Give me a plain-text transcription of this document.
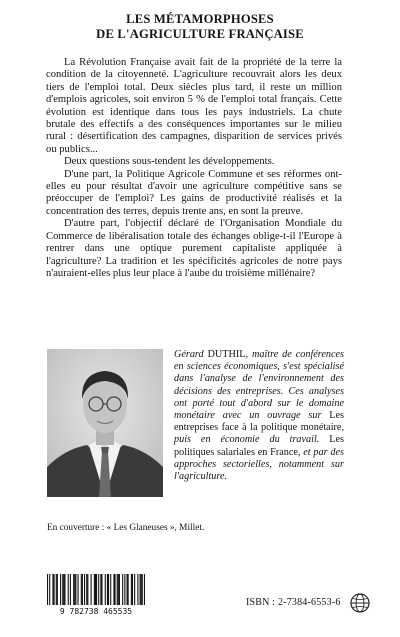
LES MÉTAMORPHOSES
DE L'AGRICULTURE FRANÇAISE

La Révolution Française avait fait de la propriété de la terre la condition de la citoyenneté. L'agriculture recouvrait alors les deux tiers de l'emploi total. Deux siècles plus tard, il reste un million d'emplois agricoles, soit environ 5 % de l'emploi total français. Cette évolution est identique dans tous les pays industriels. La chute brutale des effectifs a des conséquences importantes sur le milieu rural : désertification des campagnes, disparition de services privés ou publics...

Deux questions sous-tendent les développements.

D'une part, la Politique Agricole Commune et ses réformes ont-elles eu pour résultat d'avoir une agriculture compétitive sans se préoccuper de l'emploi? Les gains de productivité réalisés et la concentration des terres, depuis trente ans, en sont la preuve.

D'autre part, l'objectif déclaré de l'Organisation Mondiale du Commerce de libéralisation totale des échanges oblige-t-il l'Europe à rentrer dans une optique purement capitaliste appliquée à l'agriculture? La tradition et les spécificités agricoles de notre pays n'auraient-elles plus leur place à l'aube du troisième millénaire?

Gérard DUTHIL, maître de conférences en sciences économiques, s'est spécialisé dans l'analyse de l'environnement des décisions des entreprises. Ces analyses ont porté tout d'abord sur le domaine monétaire avec un ouvrage sur Les entreprises face à la politique monétaire, puis en économie du travail. Les politiques salariales en France, et par des approches sectorielles, notamment sur l'agriculture.
En couverture : « Les Glaneuses », Millet.
9 782738 465535
ISBN : 2-7384-6553-6
